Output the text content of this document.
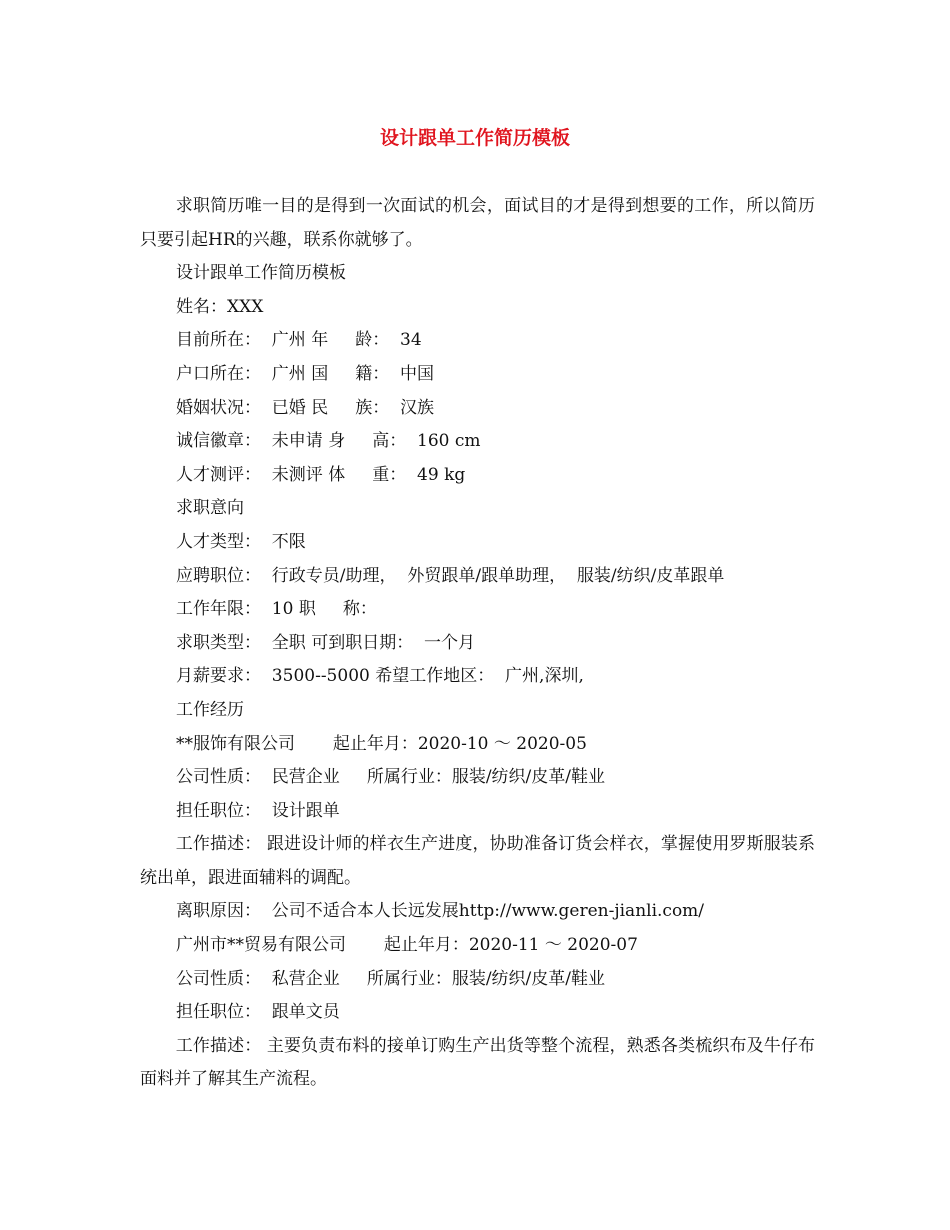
设计跟单工作简历模板

求职简历唯一目的是得到一次面试的机会，面试目的才是得到想要的工作，所以简历只要引起HR的兴趣，联系你就够了。

设计跟单工作简历模板

姓名：XXX

目前所在：  广州 年     龄：  34

户口所在：  广州 国     籍：  中国

婚姻状况：  已婚 民     族：  汉族

诚信徽章：  未申请 身     高：  160 cm

人才测评：  未测评 体     重：  49 kg

求职意向

人才类型：  不限

应聘职位：  行政专员/助理，  外贸跟单/跟单助理，  服装/纺织/皮革跟单

工作年限：  10 职     称：

求职类型：  全职 可到职日期：  一个月

月薪要求：  3500--5000 希望工作地区：  广州,深圳,

工作经历

**服饰有限公司       起止年月：2020-10 ～ 2020-05

公司性质：  民营企业     所属行业：服装/纺织/皮革/鞋业

担任职位：  设计跟单

工作描述： 跟进设计师的样衣生产进度，协助准备订货会样衣，掌握使用罗斯服装系统出单，跟进面辅料的调配。

离职原因：  公司不适合本人长远发展http://www.geren-jianli.com/

广州市**贸易有限公司       起止年月：2020-11 ～ 2020-07

公司性质：  私营企业     所属行业：服装/纺织/皮革/鞋业

担任职位：  跟单文员

工作描述： 主要负责布料的接单订购生产出货等整个流程，熟悉各类梳织布及牛仔布面料并了解其生产流程。
